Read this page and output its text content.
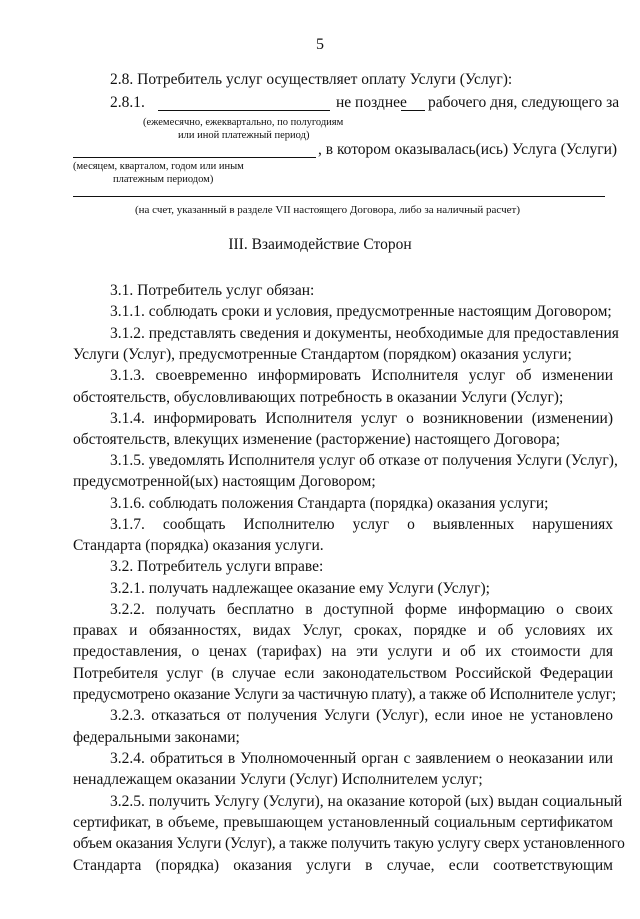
5
2.8. Потребитель услуг осуществляет оплату Услуги (Услуг):
2.8.1.	не позднее рабочего дня, следующего за
(ежемесячно, ежеквартально, по полугодиям
или иной платежный период)
, в котором оказывалась(ись) Услуга (Услуги)
(месяцем, кварталом, годом или иным
платежным периодом)
(на счет, указанный в разделе VII настоящего Договора, либо за наличный расчет)
III. Взаимодействие Сторон
3.1. Потребитель услуг обязан:
3.1.1. соблюдать сроки и условия, предусмотренные настоящим Договором;
3.1.2. представлять сведения и документы, необходимые для предоставления
Услуги (Услуг), предусмотренные Стандартом (порядком) оказания услуги;
3.1.3. своевременно информировать Исполнителя услуг об изменении
обстоятельств, обусловливающих потребность в оказании Услуги (Услуг);
3.1.4. информировать Исполнителя услуг о возникновении (изменении)
обстоятельств, влекущих изменение (расторжение) настоящего Договора;
3.1.5. уведомлять Исполнителя услуг об отказе от получения Услуги (Услуг),
предусмотренной(ых) настоящим Договором;
3.1.6. соблюдать положения Стандарта (порядка) оказания услуги;
3.1.7. сообщать Исполнителю услуг о выявленных нарушениях
Стандарта (порядка) оказания услуги.
3.2. Потребитель услуги вправе:
3.2.1. получать надлежащее оказание ему Услуги (Услуг);
3.2.2. получать бесплатно в доступной форме информацию о своих
правах и обязанностях, видах Услуг, сроках, порядке и об условиях их
предоставления, о ценах (тарифах) на эти услуги и об их стоимости для
Потребителя услуг (в случае если законодательством Российской Федерации
предусмотрено оказание Услуги за частичную плату), а также об Исполнителе услуг;
3.2.3. отказаться от получения Услуги (Услуг), если иное не установлено
федеральными законами;
3.2.4. обратиться в Уполномоченный орган с заявлением о неоказании или
ненадлежащем оказании Услуги (Услуг) Исполнителем услуг;
3.2.5. получить Услугу (Услуги), на оказание которой (ых) выдан социальный
сертификат, в объеме, превышающем установленный социальным сертификатом
объем оказания Услуги (Услуг), а также получить такую услугу сверх установленного
Стандарта (порядка) оказания услуги в случае, если соответствующим
